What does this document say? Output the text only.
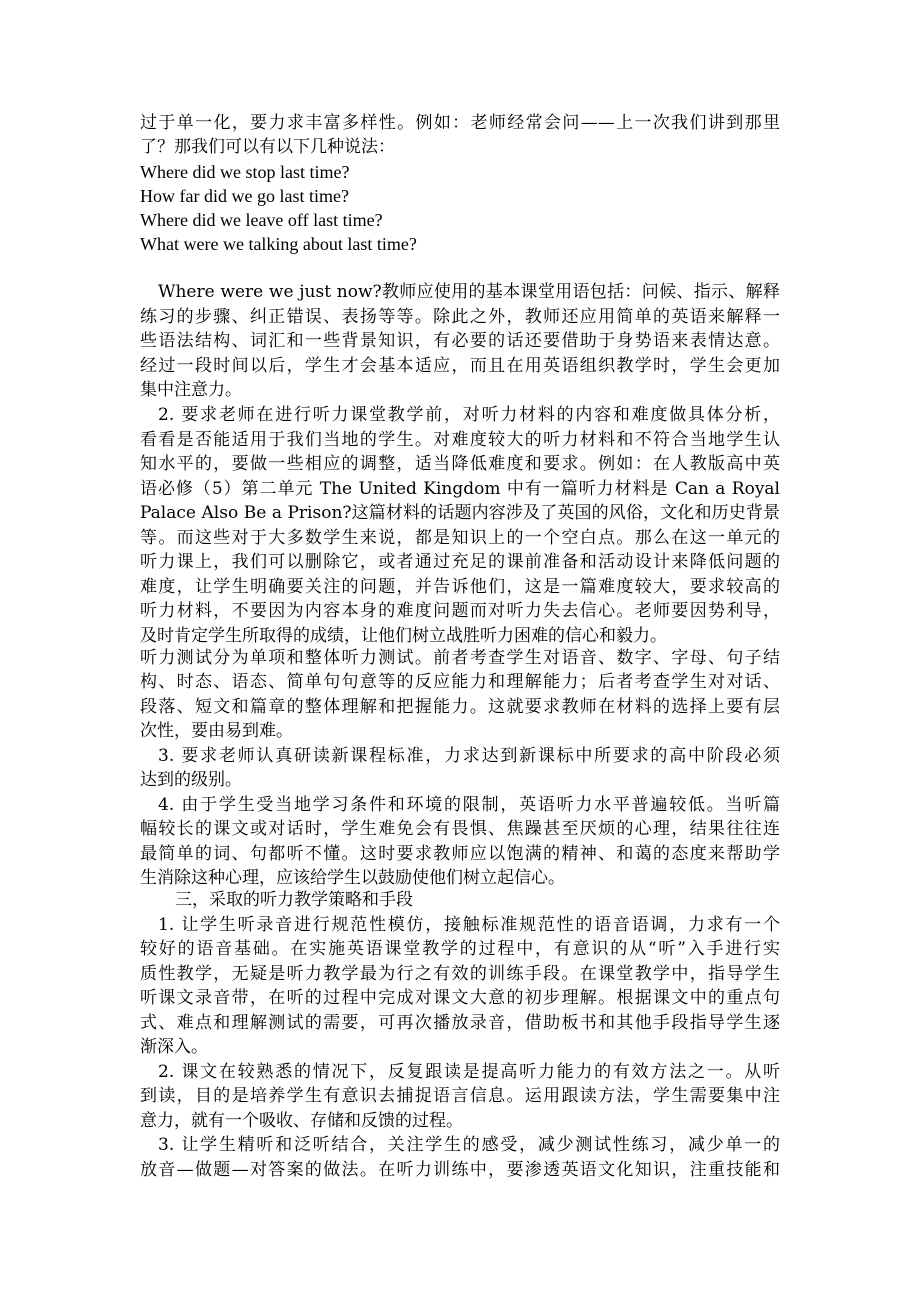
过于单一化，要力求丰富多样性。例如：老师经常会问——上一次我们讲到那里
了？那我们可以有以下几种说法：
Where did we stop last time?
How far did we go last time?
Where did we leave off last time?
What were we talking about last time?
Where were we just now?教师应使用的基本课堂用语包括：问候、指示、解释
练习的步骤、纠正错误、表扬等等。除此之外，教师还应用简单的英语来解释一
些语法结构、词汇和一些背景知识，有必要的话还要借助于身势语来表情达意。
经过一段时间以后，学生才会基本适应，而且在用英语组织教学时，学生会更加
集中注意力。
2. 要求老师在进行听力课堂教学前，对听力材料的内容和难度做具体分析，
看看是否能适用于我们当地的学生。对难度较大的听力材料和不符合当地学生认
知水平的，要做一些相应的调整，适当降低难度和要求。例如：在人教版高中英
语必修（5）第二单元 The United Kingdom 中有一篇听力材料是 Can a Royal
Palace Also Be a Prison?这篇材料的话题内容涉及了英国的风俗，文化和历史背景
等。而这些对于大多数学生来说，都是知识上的一个空白点。那么在这一单元的
听力课上，我们可以删除它，或者通过充足的课前准备和活动设计来降低问题的
难度，让学生明确要关注的问题，并告诉他们，这是一篇难度较大，要求较高的
听力材料，不要因为内容本身的难度问题而对听力失去信心。老师要因势利导，
及时肯定学生所取得的成绩，让他们树立战胜听力困难的信心和毅力。
听力测试分为单项和整体听力测试。前者考查学生对语音、数字、字母、句子结
构、时态、语态、简单句句意等的反应能力和理解能力；后者考查学生对对话、
段落、短文和篇章的整体理解和把握能力。这就要求教师在材料的选择上要有层
次性，要由易到难。
3. 要求老师认真研读新课程标准，力求达到新课标中所要求的高中阶段必须
达到的级别。
4. 由于学生受当地学习条件和环境的限制，英语听力水平普遍较低。当听篇
幅较长的课文或对话时，学生难免会有畏惧、焦躁甚至厌烦的心理，结果往往连
最简单的词、句都听不懂。这时要求教师应以饱满的精神、和蔼的态度来帮助学
生消除这种心理，应该给学生以鼓励使他们树立起信心。
三，采取的听力教学策略和手段
1. 让学生听录音进行规范性模仿，接触标准规范性的语音语调，力求有一个
较好的语音基础。在实施英语课堂教学的过程中，有意识的从“听”入手进行实
质性教学，无疑是听力教学最为行之有效的训练手段。在课堂教学中，指导学生
听课文录音带，在听的过程中完成对课文大意的初步理解。根据课文中的重点句
式、难点和理解测试的需要，可再次播放录音，借助板书和其他手段指导学生逐
渐深入。
2. 课文在较熟悉的情况下，反复跟读是提高听力能力的有效方法之一。从听
到读，目的是培养学生有意识去捕捉语言信息。运用跟读方法，学生需要集中注
意力，就有一个吸收、存储和反馈的过程。
3. 让学生精听和泛听结合，关注学生的感受，减少测试性练习，减少单一的
放音—做题—对答案的做法。在听力训练中，要渗透英语文化知识，注重技能和
